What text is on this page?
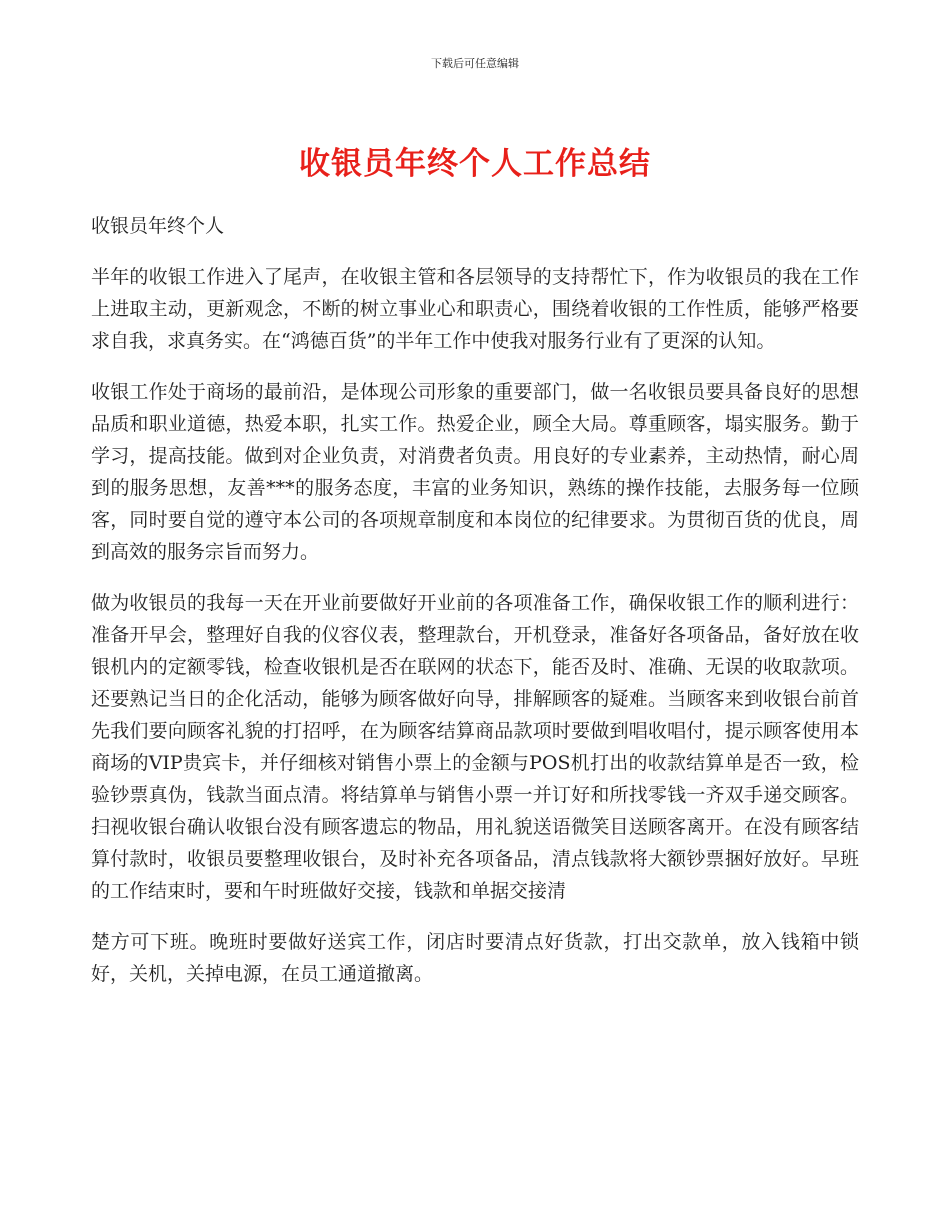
下载后可任意编辑
收银员年终个人工作总结

收银员年终个人

半年的收银工作进入了尾声，在收银主管和各层领导的支持帮忙下，作为收银员的我在工作上进取主动，更新观念，不断的树立事业心和职责心，围绕着收银的工作性质，能够严格要求自我，求真务实。在“鸿德百货”的半年工作中使我对服务行业有了更深的认知。

收银工作处于商场的最前沿，是体现公司形象的重要部门，做一名收银员要具备良好的思想品质和职业道德，热爱本职，扎实工作。热爱企业，顾全大局。尊重顾客，塌实服务。勤于学习，提高技能。做到对企业负责，对消费者负责。用良好的专业素养，主动热情，耐心周到的服务思想，友善***的服务态度，丰富的业务知识，熟练的操作技能，去服务每一位顾客，同时要自觉的遵守本公司的各项规章制度和本岗位的纪律要求。为贯彻百货的优良，周到高效的服务宗旨而努力。

做为收银员的我每一天在开业前要做好开业前的各项准备工作，确保收银工作的顺利进行：准备开早会，整理好自我的仪容仪表，整理款台，开机登录，准备好各项备品，备好放在收银机内的定额零钱，检查收银机是否在联网的状态下，能否及时、准确、无误的收取款项。还要熟记当日的企化活动，能够为顾客做好向导，排解顾客的疑难。当顾客来到收银台前首先我们要向顾客礼貌的打招呼，在为顾客结算商品款项时要做到唱收唱付，提示顾客使用本商场的VIP贵宾卡，并仔细核对销售小票上的金额与POS机打出的收款结算单是否一致，检验钞票真伪，钱款当面点清。将结算单与销售小票一并订好和所找零钱一齐双手递交顾客。扫视收银台确认收银台没有顾客遗忘的物品，用礼貌送语微笑目送顾客离开。在没有顾客结算付款时，收银员要整理收银台，及时补充各项备品，清点钱款将大额钞票捆好放好。早班的工作结束时，要和午时班做好交接，钱款和单据交接清

楚方可下班。晚班时要做好送宾工作，闭店时要清点好货款，打出交款单，放入钱箱中锁好，关机，关掉电源，在员工通道撤离。
